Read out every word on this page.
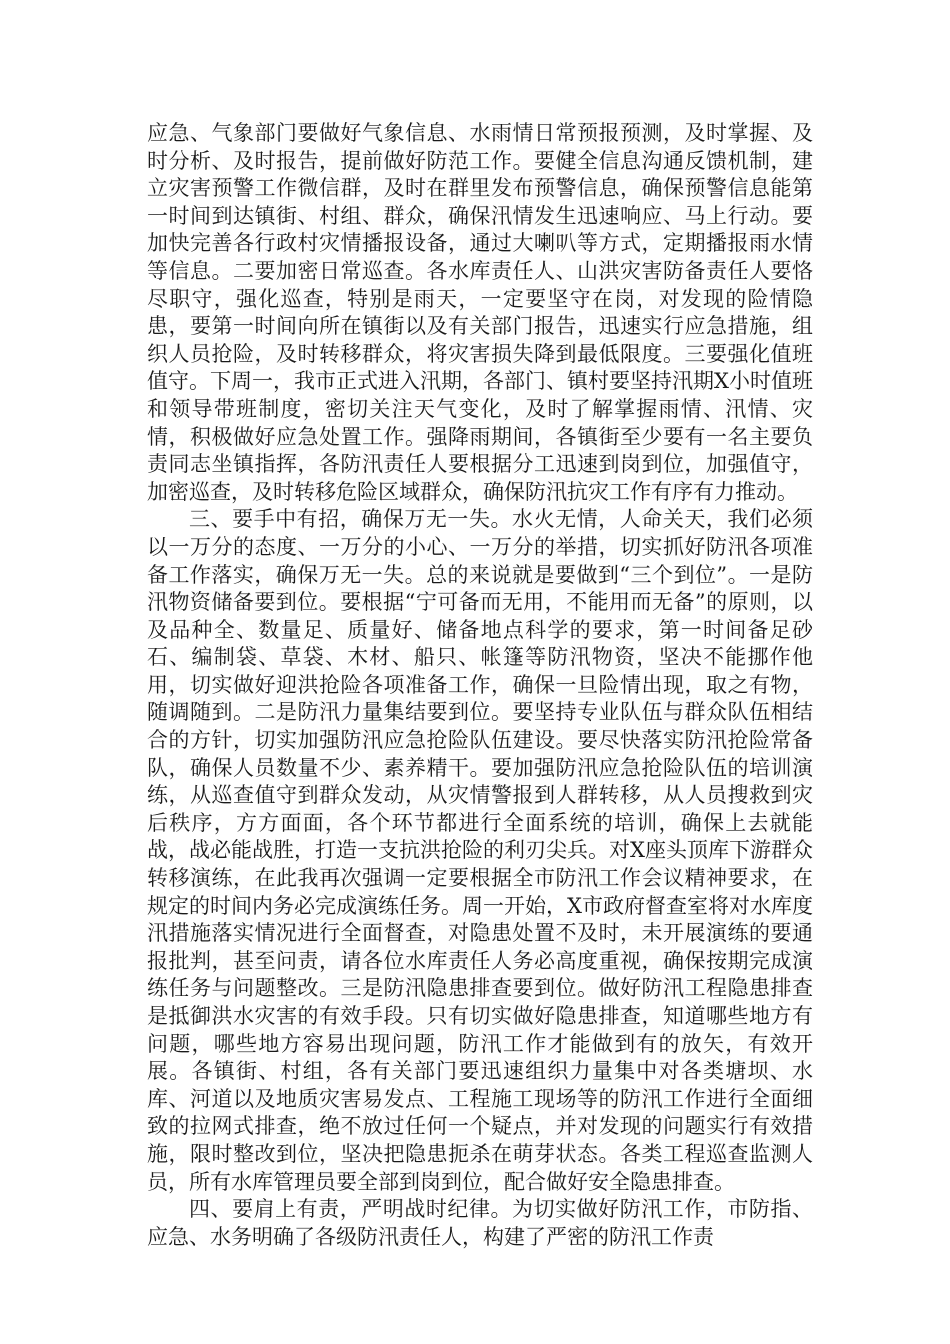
应急、气象部门要做好气象信息、水雨情日常预报预测，及时掌握、及时分析、及时报告，提前做好防范工作。要健全信息沟通反馈机制，建立灾害预警工作微信群，及时在群里发布预警信息，确保预警信息能第一时间到达镇街、村组、群众，确保汛情发生迅速响应、马上行动。要加快完善各行政村灾情播报设备，通过大喇叭等方式，定期播报雨水情等信息。二要加密日常巡查。各水库责任人、山洪灾害防备责任人要恪尽职守，强化巡查，特别是雨天，一定要坚守在岗，对发现的险情隐患，要第一时间向所在镇街以及有关部门报告，迅速实行应急措施，组织人员抢险，及时转移群众，将灾害损失降到最低限度。三要强化值班值守。下周一，我市正式进入汛期，各部门、镇村要坚持汛期X小时值班和领导带班制度，密切关注天气变化，及时了解掌握雨情、汛情、灾情，积极做好应急处置工作。强降雨期间，各镇街至少要有一名主要负责同志坐镇指挥，各防汛责任人要根据分工迅速到岗到位，加强值守，加密巡查，及时转移危险区域群众，确保防汛抗灾工作有序有力推动。

三、要手中有招，确保万无一失。水火无情，人命关天，我们必须以一万分的态度、一万分的小心、一万分的举措，切实抓好防汛各项准备工作落实，确保万无一失。总的来说就是要做到“三个到位”。一是防汛物资储备要到位。要根据“宁可备而无用，不能用而无备”的原则，以及品种全、数量足、质量好、储备地点科学的要求，第一时间备足砂石、编制袋、草袋、木材、船只、帐篷等防汛物资，坚决不能挪作他用，切实做好迎洪抢险各项准备工作，确保一旦险情出现，取之有物，随调随到。二是防汛力量集结要到位。要坚持专业队伍与群众队伍相结合的方针，切实加强防汛应急抢险队伍建设。要尽快落实防汛抢险常备队，确保人员数量不少、素养精干。要加强防汛应急抢险队伍的培训演练，从巡查值守到群众发动，从灾情警报到人群转移，从人员搜救到灾后秩序，方方面面，各个环节都进行全面系统的培训，确保上去就能战，战必能战胜，打造一支抗洪抢险的利刃尖兵。对X座头顶库下游群众转移演练，在此我再次强调一定要根据全市防汛工作会议精神要求，在规定的时间内务必完成演练任务。周一开始，X市政府督查室将对水库度汛措施落实情况进行全面督查，对隐患处置不及时，未开展演练的要通报批判，甚至问责，请各位水库责任人务必高度重视，确保按期完成演练任务与问题整改。三是防汛隐患排查要到位。做好防汛工程隐患排查是抵御洪水灾害的有效手段。只有切实做好隐患排查，知道哪些地方有问题，哪些地方容易出现问题，防汛工作才能做到有的放矢，有效开展。各镇街、村组，各有关部门要迅速组织力量集中对各类塘坝、水库、河道以及地质灾害易发点、工程施工现场等的防汛工作进行全面细致的拉网式排查，绝不放过任何一个疑点，并对发现的问题实行有效措施，限时整改到位，坚决把隐患扼杀在萌芽状态。各类工程巡查监测人员，所有水库管理员要全部到岗到位，配合做好安全隐患排查。

四、要肩上有责，严明战时纪律。为切实做好防汛工作，市防指、应急、水务明确了各级防汛责任人，构建了严密的防汛工作责
